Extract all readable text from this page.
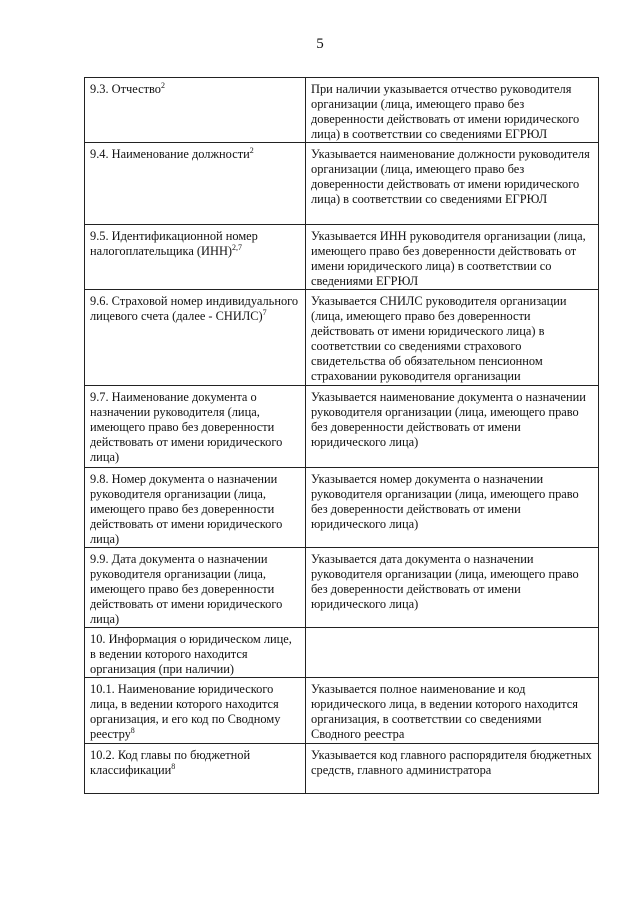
5
9.3. Отчество$^2$	При наличии указывается отчество руководителя организации (лица, имеющего право без доверенности действовать от имени юридического лица) в соответствии со сведениями ЕГРЮЛ
9.4. Наименование должности$^2$	Указывается наименование должности руководителя организации (лица, имеющего право без доверенности действовать от имени юридического лица) в соответствии со сведениями ЕГРЮЛ
9.5. Идентификационной номер налогоплательщика (ИНН)$^{2,7}$	Указывается ИНН руководителя организации (лица, имеющего право без доверенности действовать от имени юридического лица) в соответствии со сведениями ЕГРЮЛ
9.6. Страховой номер индивидуального лицевого счета (далее - СНИЛС)$^7$	Указывается СНИЛС руководителя организации (лица, имеющего право без доверенности действовать от имени юридического лица) в соответствии со сведениями страхового свидетельства об обязательном пенсионном страховании руководителя организации
9.7. Наименование документа о назначении руководителя (лица, имеющего право без доверенности действовать от имени юридического лица)	Указывается наименование документа о назначении руководителя организации (лица, имеющего право без доверенности действовать от имени юридического лица)
9.8. Номер документа о назначении руководителя организации (лица, имеющего право без доверенности действовать от имени юридического лица)	Указывается номер документа о назначении руководителя организации (лица, имеющего право без доверенности действовать от имени юридического лица)
9.9. Дата документа о назначении руководителя организации (лица, имеющего право без доверенности действовать от имени юридического лица)	Указывается дата документа о назначении руководителя организации (лица, имеющего право без доверенности действовать от имени юридического лица)
10. Информация о юридическом лице, в ведении которого находится организация (при наличии)	
10.1. Наименование юридического лица, в ведении которого находится организация, и его код по Сводному реестру$^8$	Указывается полное наименование и код юридического лица, в ведении которого находится организация, в соответствии со сведениями Сводного реестра
10.2. Код главы по бюджетной классификации$^8$	Указывается код главного распорядителя бюджетных средств, главного администратора
